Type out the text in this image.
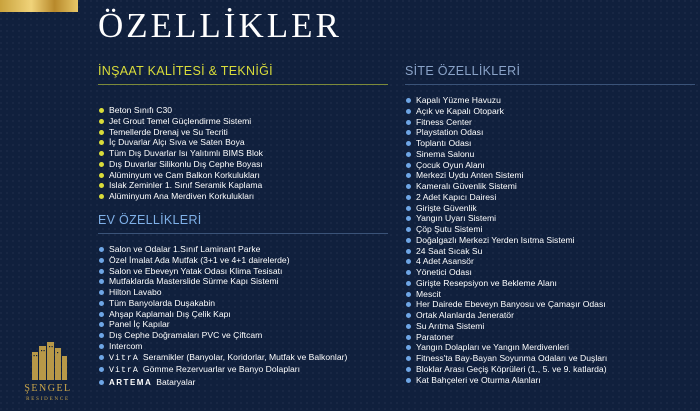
ÖZELLİKLER
İNŞAAT KALİTESİ & TEKNİĞİ
Beton Sınıfı C30
Jet Grout Temel Güçlendirme Sistemi
Temellerde Drenaj ve Su Tecriti
İç Duvarlar Alçı Sıva ve Saten Boya
Tüm Dış Duvarlar Isı Yalıtımlı BIMS Blok
Dış Duvarlar Silikonlu Dış Cephe Boyası
Alüminyum ve Cam Balkon Korkulukları
Islak Zeminler 1. Sınıf Seramik Kaplama
Alüminyum Ana Merdiven Korkulukları
EV ÖZELLİKLERİ
Salon ve Odalar 1.Sınıf Laminant Parke
Özel İmalat Ada Mutfak (3+1 ve 4+1 dairelerde)
Salon ve Ebeveyn Yatak Odası Klima Tesisatı
Mutfaklarda Masterslide Sürme Kapı Sistemi
Hilton Lavabo
Tüm Banyolarda Duşakabin
Ahşap Kaplamalı Dış Çelik Kapı
Panel İç Kapılar
Dış Cephe Doğramaları PVC ve Çiftcam
Intercom
VitrA Seramikler (Banyolar, Koridorlar, Mutfak ve Balkonlar)
VitrA Gömme Rezervuarlar ve Banyo Dolapları
ARTEMA Bataryalar
SİTE ÖZELLİKLERİ
Kapalı Yüzme Havuzu
Açık ve Kapalı Otopark
Fitness Center
Playstation Odası
Toplantı Odası
Sinema Salonu
Çocuk Oyun Alanı
Merkezi Uydu Anten Sistemi
Kameralı Güvenlik Sistemi
2 Adet Kapıcı Dairesi
Girişte Güvenlik
Yangın Uyarı Sistemi
Çöp Şutu Sistemi
Doğalgazlı Merkezi Yerden Isıtma Sistemi
24 Saat Sıcak Su
4 Adet Asansör
Yönetici Odası
Girişte Resepsiyon ve Bekleme Alanı
Mescit
Her Dairede Ebeveyn Banyosu ve Çamaşır Odası
Ortak Alanlarda Jeneratör
Su Arıtma Sistemi
Paratoner
Yangın Dolapları ve Yangın Merdivenleri
Fitness'ta Bay-Bayan Soyunma Odaları ve Duşları
Bloklar Arası Geçiş Köprüleri (1., 5. ve 9. katlarda)
Kat Bahçeleri ve Oturma Alanları
ŞENGEL
RESIDENCE
